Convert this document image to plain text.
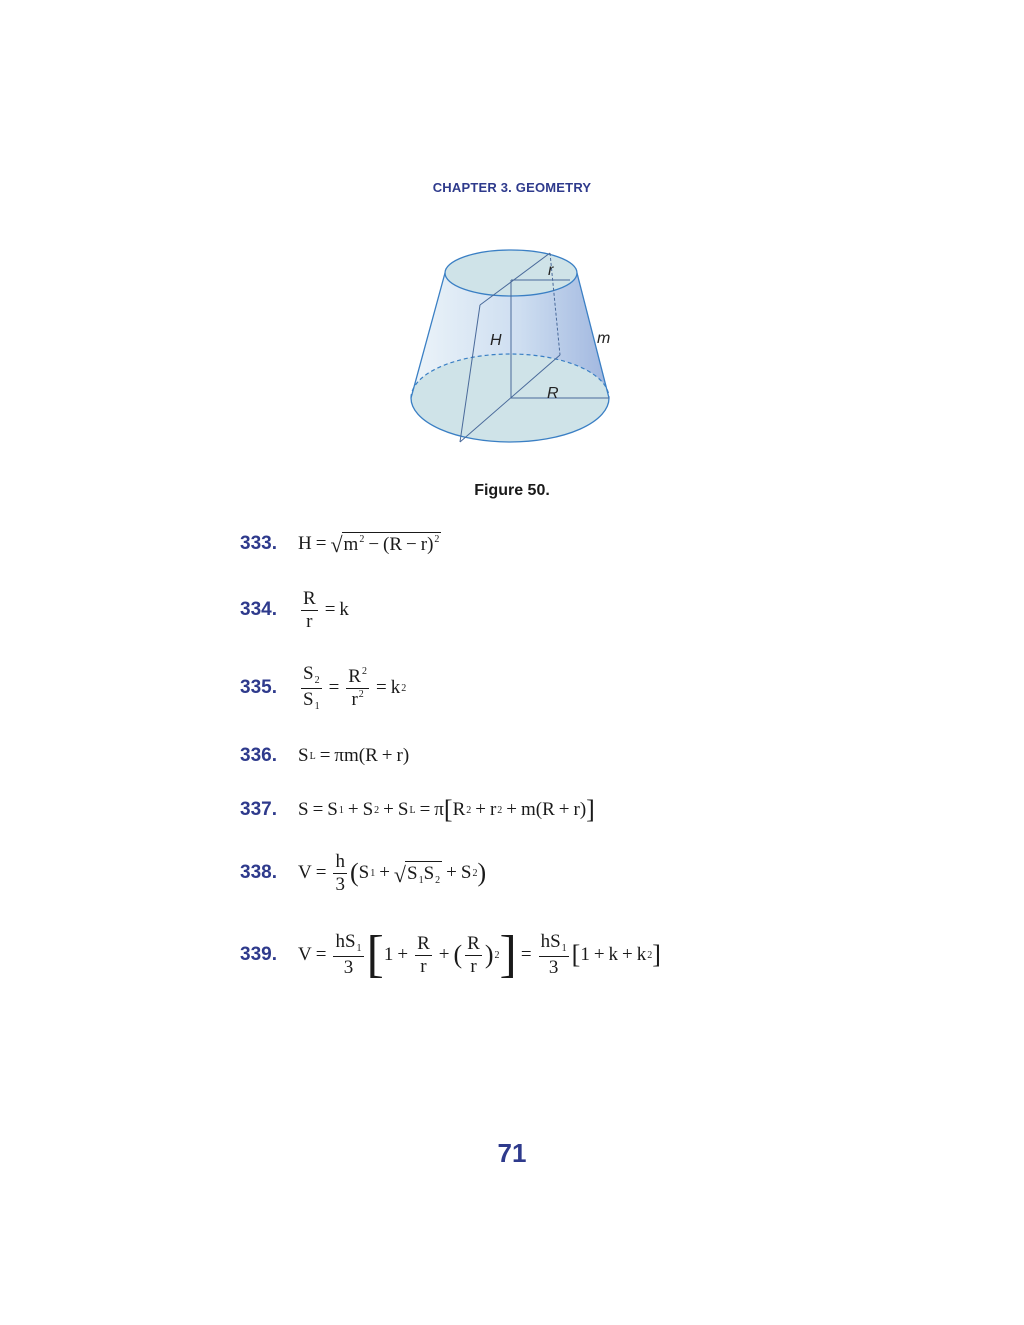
CHAPTER 3. GEOMETRY
r
H	m
R
Figure 50.
333.	H = √ $m^2 - (R - r)^2$
334.	$\frac{R}{r} = k$
335.	$\frac{S_2}{S_1} = \frac{R^2}{r^2} = k$ 2
336.	S L = πm(R + r)
337.	S = S 1 + S 2 + S L = π [ R 2 + r 2 + m(R + r) ]
338.	$V = \frac{h}{3}$ ( S 1 + √ $S_1S_2 + S$ 2 )
339.	$V = \frac{hS_1}{3}$ [ $1 + \frac{R}{r}$ + ( $\frac{R}{r}$ ) 2 ] = $\frac{hS_1}{3}$ [ 1 + k + k 2 ]
71
